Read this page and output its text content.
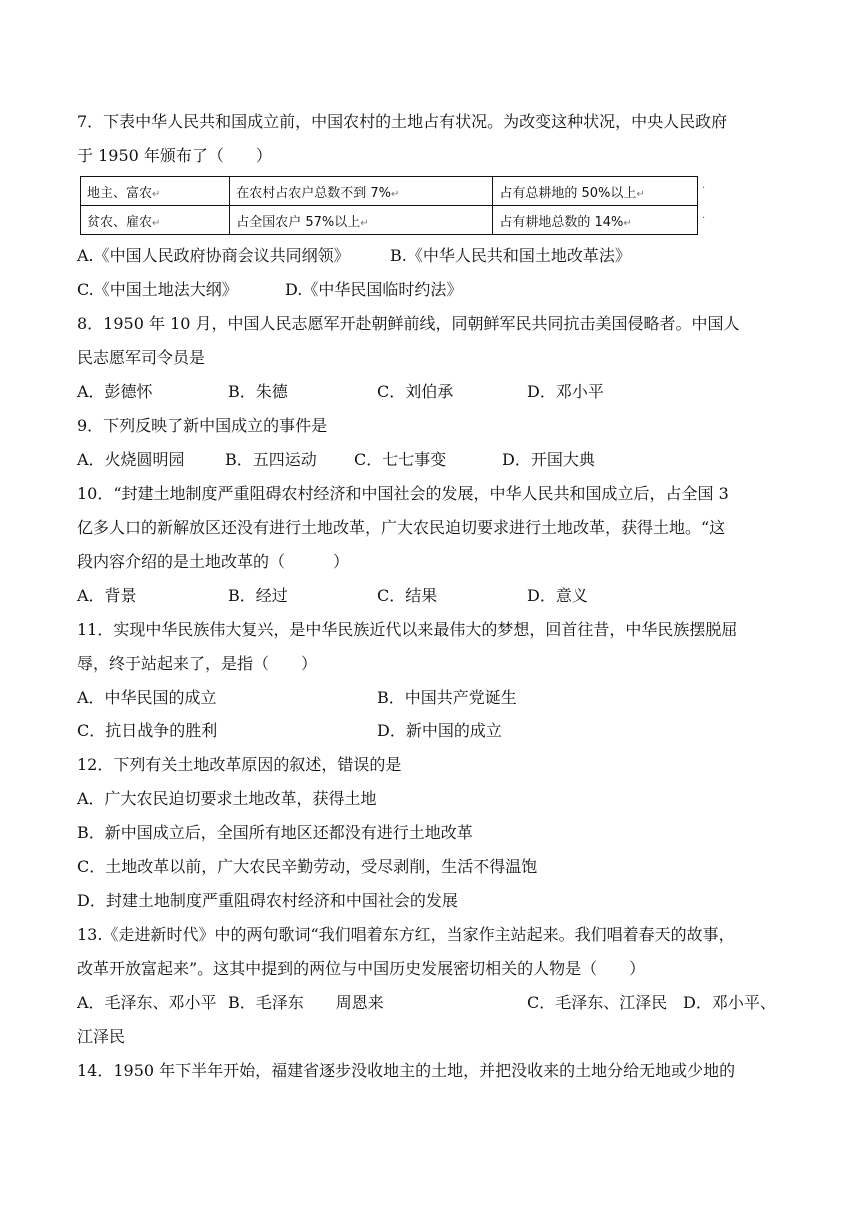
7．下表中华人民共和国成立前，中国农村的土地占有状况。为改变这种状况，中央人民政府
于 1950 年颁布了（　　）
地主、富农↵	在农村占农户总数不到 7%↵	占有总耕地的 50%以上↵
贫农、雇农↵	占全国农户 57%以上↵	占有耕地总数的 14%↵
·
·
A.《中国人民政府协商会议共同纲领》	B.《中华人民共和国土地改革法》
C.《中国土地法大纲》	D.《中华民国临时约法》
8．1950 年 10 月，中国人民志愿军开赴朝鲜前线，同朝鲜军民共同抗击美国侵略者。中国人
民志愿军司令员是
A．彭德怀	B．朱德	C．刘伯承	D．邓小平
9．下列反映了新中国成立的事件是
A．火烧圆明园	B．五四运动 C．七七事变	D．开国大典
10．“封建土地制度严重阻碍农村经济和中国社会的发展，中华人民共和国成立后，占全国 3
亿多人口的新解放区还没有进行土地改革，广大农民迫切要求进行土地改革，获得土地。“这
段内容介绍的是土地改革的（　　　）
A．背景	B．经过	C．结果	D．意义
11．实现中华民族伟大复兴，是中华民族近代以来最伟大的梦想，回首往昔，中华民族摆脱屈
辱，终于站起来了，是指（　　）
A．中华民国的成立	B．中国共产党诞生
C．抗日战争的胜利	D．新中国的成立
12．下列有关土地改革原因的叙述，错误的是
A．广大农民迫切要求土地改革，获得土地
B．新中国成立后，全国所有地区还都没有进行土地改革
C．土地改革以前，广大农民辛勤劳动，受尽剥削，生活不得温饱
D．封建土地制度严重阻碍农村经济和中国社会的发展
13.《走进新时代》中的两句歌词“我们唱着东方红，当家作主站起来。我们唱着春天的故事，
改革开放富起来”。这其中提到的两位与中国历史发展密切相关的人物是（　　）
A．毛泽东、邓小平 B．毛泽东　　周恩来	C．毛泽东、江泽民 D．邓小平、
江泽民
14．1950 年下半年开始，福建省逐步没收地主的土地，并把没收来的土地分给无地或少地的
